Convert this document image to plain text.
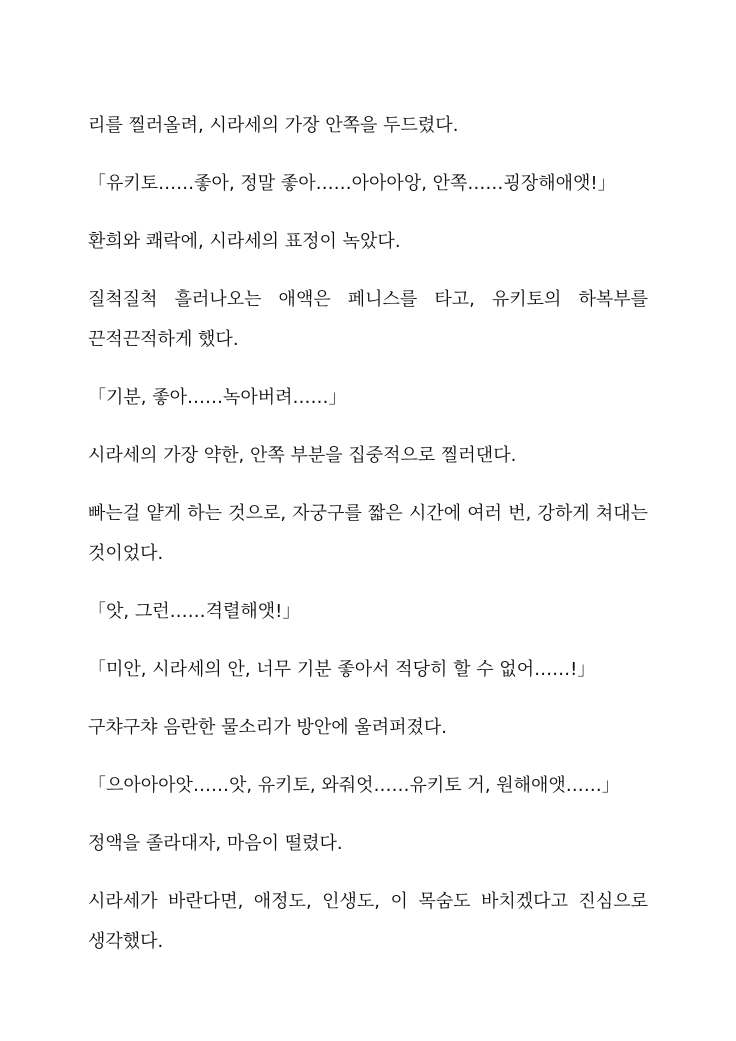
리를 찔러올려, 시라세의 가장 안쪽을 두드렸다.

「유키토……좋아, 정말 좋아……아아아앙, 안쪽……굉장해애앳!」

환희와 쾌락에, 시라세의 표정이 녹았다.

질척질척 흘러나오는 애액은 페니스를 타고, 유키토의 하복부를 끈적끈적하게 했다.

「기분, 좋아……녹아버려……」

시라세의 가장 약한, 안쪽 부분을 집중적으로 찔러댄다.

빠는걸 얕게 하는 것으로, 자궁구를 짧은 시간에 여러 번, 강하게 쳐대는 것이었다.

「앗, 그런……격렬해앳!」

「미안, 시라세의 안, 너무 기분 좋아서 적당히 할 수 없어……!」

구챠구챠 음란한 물소리가 방안에 울려퍼졌다.

「으아아아앗……앗, 유키토, 와줘엇……유키토 거, 원해애앳……」

정액을 졸라대자, 마음이 떨렸다.

시라세가 바란다면, 애정도, 인생도, 이 목숨도 바치겠다고 진심으로 생각했다.
